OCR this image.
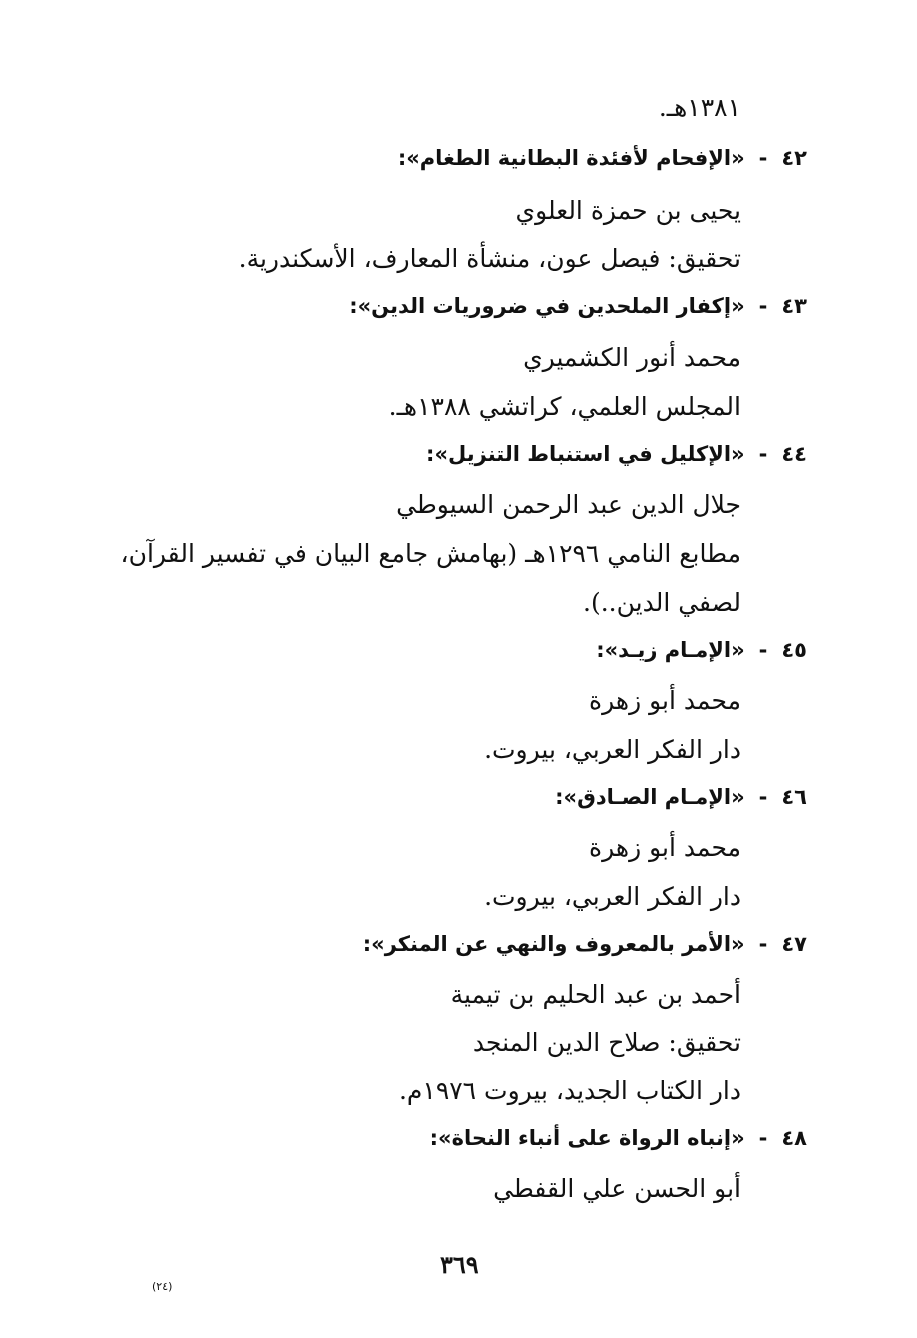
١٣٨١هـ.
٤٢
-
«الإفحام لأفئدة البطانية الطغام»:
يحيى بن حمزة العلوي
تحقيق: فيصل عون، منشأة المعارف، الأسكندرية.
٤٣
-
«إكفار الملحدين في ضروريات الدين»:
محمد أنور الكشميري
المجلس العلمي، كراتشي ١٣٨٨هـ.
٤٤
-
«الإكليل في استنباط التنزيل»:
جلال الدين عبد الرحمن السيوطي
مطابع النامي ١٢٩٦هـ (بهامش جامع البيان في تفسير القرآن،
لصفي الدين..).
٤٥
-
«الإمـام زيـد»:
محمد أبو زهرة
دار الفكر العربي، بيروت.
٤٦
-
«الإمـام الصـادق»:
محمد أبو زهرة
دار الفكر العربي، بيروت.
٤٧
-
«الأمر بالمعروف والنهي عن المنكر»:
أحمد بن عبد الحليم بن تيمية
تحقيق: صلاح الدين المنجد
دار الكتاب الجديد، بيروت ١٩٧٦م.
٤٨
-
«إنباه الرواة على أنباء النحاة»:
أبو الحسن علي القفطي
٣٦٩
(٢٤)
